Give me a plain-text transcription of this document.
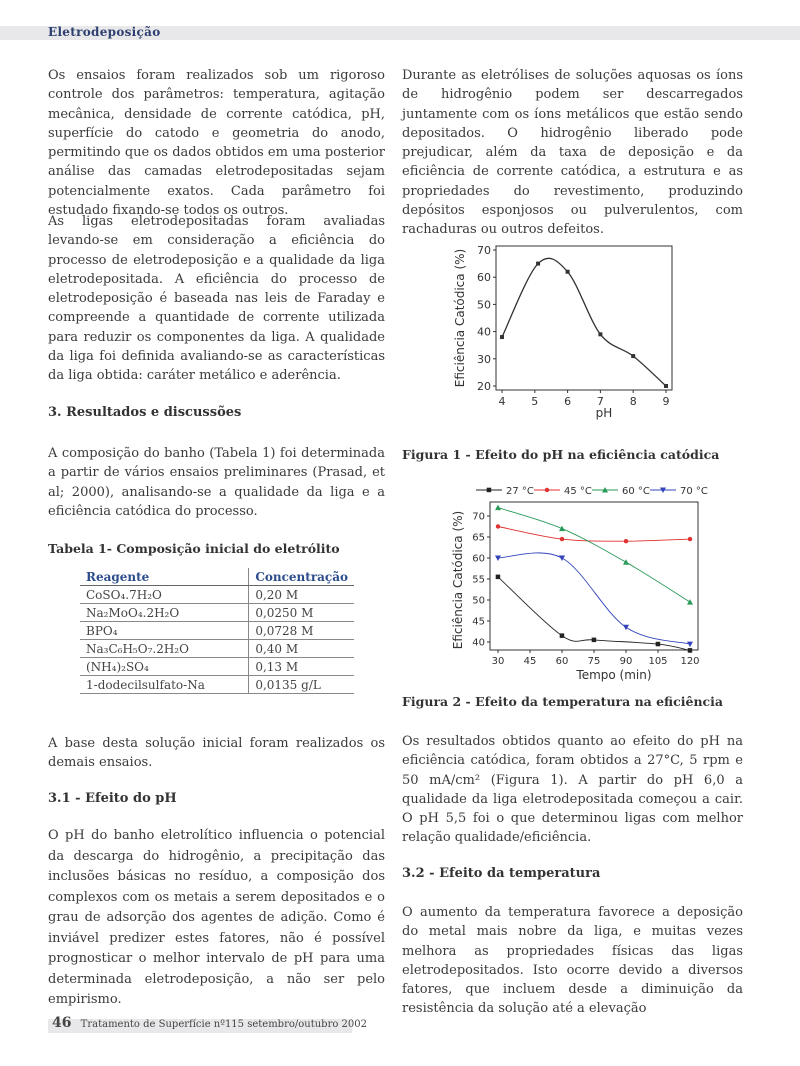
Eletrodeposição

Os ensaios foram realizados sob um rigoroso controle dos parâmetros: temperatura, agitação mecânica, densidade de corrente catódica, pH, superfície do catodo e geometria do anodo, permitindo que os dados obtidos em uma posterior análise das camadas eletrodepositadas sejam potencialmente exatos. Cada parâmetro foi estudado fixando-se todos os outros.

As ligas eletrodepositadas foram avaliadas levando-se em consideração a eficiência do processo de eletrodeposição e a qualidade da liga eletrodepositada. A eficiência do processo de eletrodeposição é baseada nas leis de Faraday e compreende a quantidade de corrente utilizada para reduzir os componentes da liga. A qualidade da liga foi definida avaliando-se as características da liga obtida: caráter metálico e aderência.

3. Resultados e discussões

A composição do banho (Tabela 1) foi determinada a partir de vários ensaios preliminares (Prasad, et al; 2000), analisando-se a qualidade da liga e a eficiência catódica do processo.

Tabela 1- Composição inicial do eletrólito
Reagente	Concentração
CoSO₄.7H₂O	0,20 M
Na₂MoO₄.2H₂O	0,0250 M
BPO₄	0,0728 M
Na₃C₆H₅O₇.2H₂O	0,40 M
(NH₄)₂SO₄	0,13 M
1-dodecilsulfato-Na	0,0135 g/L

A base desta solução inicial foram realizados os demais ensaios.

3.1 - Efeito do pH

O pH do banho eletrolítico influencia o potencial da descarga do hidrogênio, a precipitação das inclusões básicas no resíduo, a composição dos complexos com os metais a serem depositados e o grau de adsorção dos agentes de adição. Como é inviável predizer estes fatores, não é possível prognosticar o melhor intervalo de pH para uma determinada eletrodeposição, a não ser pelo empirismo.

Durante as eletrólises de soluções aquosas os íons de hidrogênio podem ser descarregados juntamente com os íons metálicos que estão sendo depositados. O hidrogênio liberado pode prejudicar, além da taxa de deposição e da eficiência de corrente catódica, a estrutura e as propriedades do revestimento, produzindo depósitos esponjosos ou pulverulentos, com rachaduras ou outros defeitos.

20
30
40
50
60
70
4 5 6 7 8 9
pH
Eficiência Catódica (%)
Figura 1 - Efeito do pH na eficiência catódica
27 °C	45 °C	60 °C	70 °C
40
45
50
55
60
65
70
30 45 60 75 90 105 120
Tempo (min)
Eficiência Catódica (%)
Figura 2 - Efeito da temperatura na eficiência

Os resultados obtidos quanto ao efeito do pH na eficiência catódica, foram obtidos a 27°C, 5 rpm e 50 mA/cm² (Figura 1). A partir do pH 6,0 a qualidade da liga eletrodepositada começou a cair. O pH 5,5 foi o que determinou ligas com melhor relação qualidade/eficiência.

3.2 - Efeito da temperatura

O aumento da temperatura favorece a deposição do metal mais nobre da liga, e muitas vezes melhora as propriedades físicas das ligas eletrodepositados. Isto ocorre devido a diversos fatores, que incluem desde a diminuição da resistência da solução até a elevação

46 Tratamento de Superfície nº115 setembro/outubro 2002
